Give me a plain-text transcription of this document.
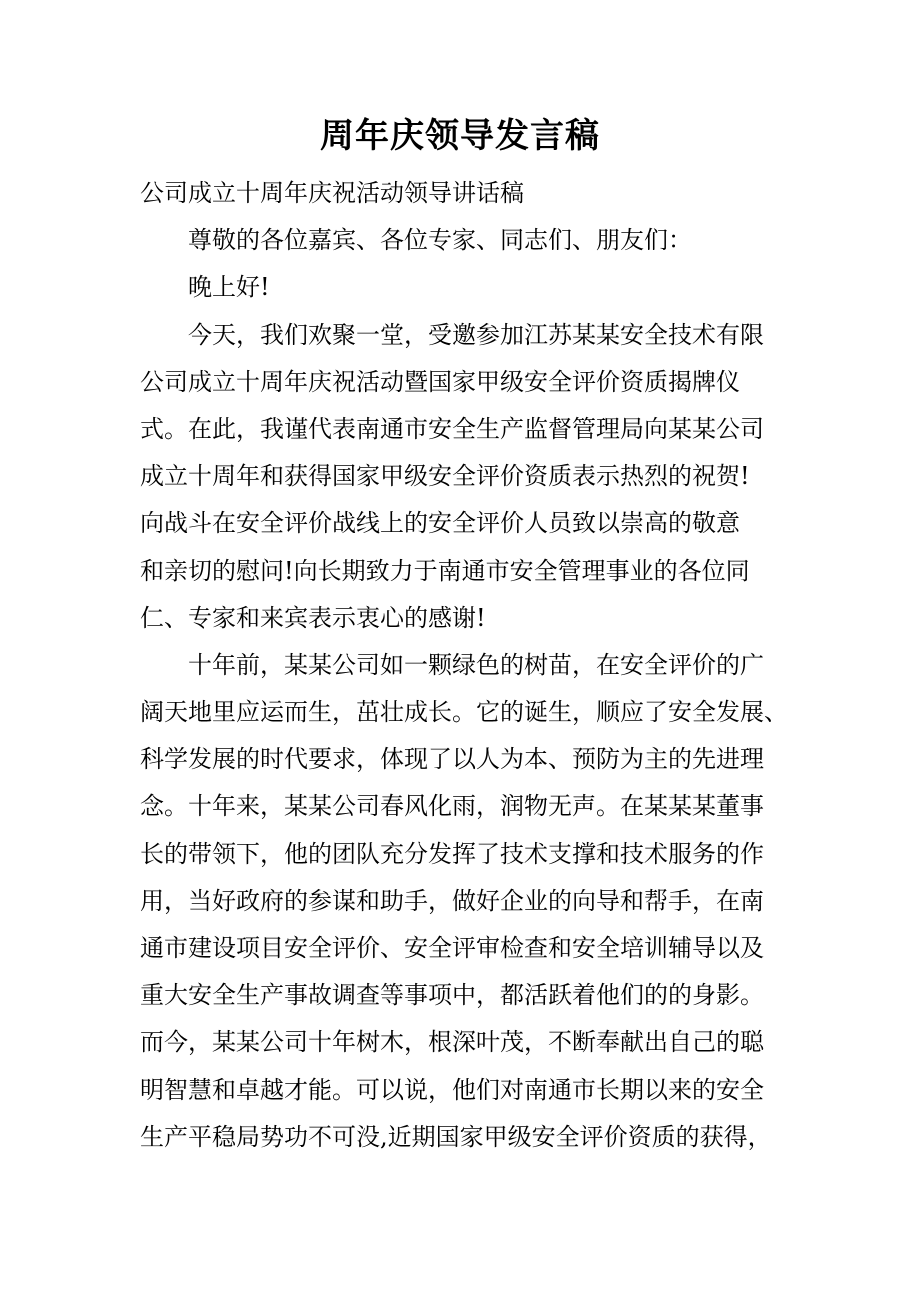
周年庆领导发言稿
公司成立十周年庆祝活动领导讲话稿
尊敬的各位嘉宾、各位专家、同志们、朋友们：
晚上好!
今天，我们欢聚一堂，受邀参加江苏某某安全技术有限
公司成立十周年庆祝活动暨国家甲级安全评价资质揭牌仪
式。在此，我谨代表南通市安全生产监督管理局向某某公司
成立十周年和获得国家甲级安全评价资质表示热烈的祝贺!
向战斗在安全评价战线上的安全评价人员致以崇高的敬意
和亲切的慰问!向长期致力于南通市安全管理事业的各位同
仁、专家和来宾表示衷心的感谢!
十年前，某某公司如一颗绿色的树苗，在安全评价的广
阔天地里应运而生，茁壮成长。它的诞生，顺应了安全发展、
科学发展的时代要求，体现了以人为本、预防为主的先进理
念。十年来，某某公司春风化雨，润物无声。在某某某董事
长的带领下，他的团队充分发挥了技术支撑和技术服务的作
用，当好政府的参谋和助手，做好企业的向导和帮手，在南
通市建设项目安全评价、安全评审检查和安全培训辅导以及
重大安全生产事故调查等事项中，都活跃着他们的的身影。
而今，某某公司十年树木，根深叶茂，不断奉献出自己的聪
明智慧和卓越才能。可以说，他们对南通市长期以来的安全
生产平稳局势功不可没,近期国家甲级安全评价资质的获得，
